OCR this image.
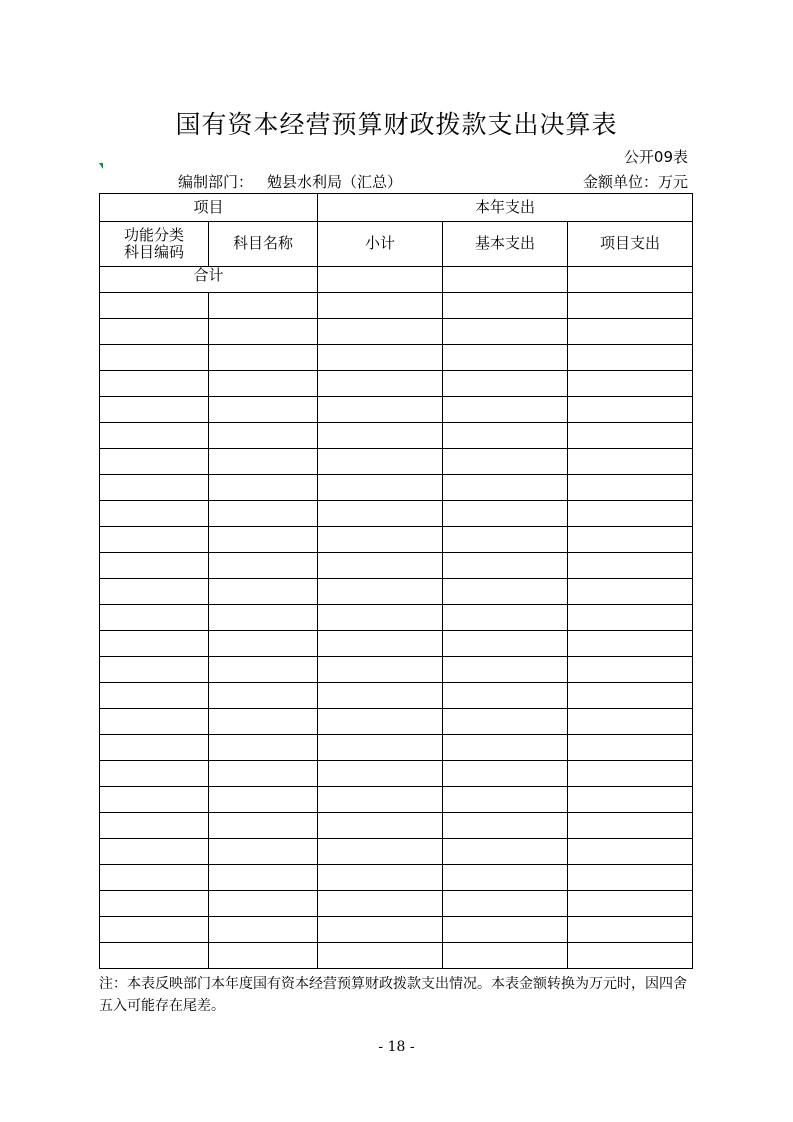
国有资本经营预算财政拨款支出决算表
公开09表
编制部门： 勉县水利局（汇总）	金额单位：万元
项目		本年支出		

功能分类
科目编码	科目名称	小计	基本支出	项目支出
合计				

注：本表反映部门本年度国有资本经营预算财政拨款支出情况。本表金额转换为万元时，因四舍五入可能存在尾差。
- 18 -
